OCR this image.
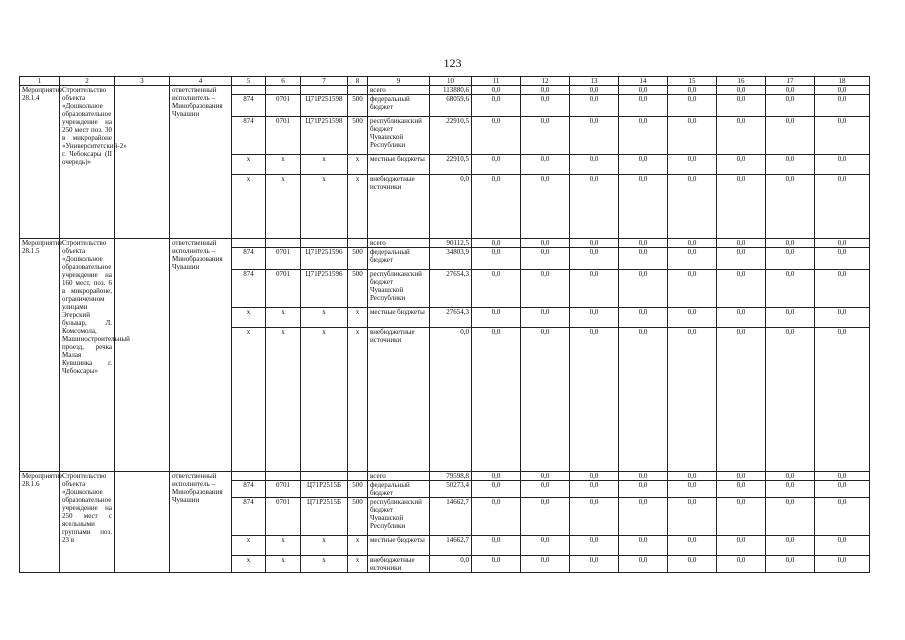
123
1	2	3	4	5	6	7	8	9	10	11	12	13	14	15	16	17	18
Мероприятие 28.1.4	Строительство объекта «Дошкольное образовательное учреждение на 250 мест поз. 30 в микрорайоне «Университетский-2» г. Чебоксары (II очередь)»		ответственный исполнитель – Минобразования Чувашии					всего	113880,6	0,0	0,0	0,0	0,0	0,0	0,0	0,0	0,0
				874	0701	Ц71Р251598	500	федеральный бюджет	68059,6	0,0	0,0	0,0	0,0	0,0	0,0	0,0	0,0
				874	0701	Ц71Р251598	500	республиканский бюджет Чувашской Республики	22910,5	0,0	0,0	0,0	0,0	0,0	0,0	0,0	0,0
				x	x	x	x	местные бюджеты	22910,5	0,0	0,0	0,0	0,0	0,0	0,0	0,0	0,0
				x	x	x	x	внебюджетные источники	0,0	0,0	0,0	0,0	0,0	0,0	0,0	0,0	0,0
Мероприятие 28.1.5	Строительство объекта «Дошкольное образовательное учреждение на 160 мест, поз. 6 в микрорайоне, ограниченном улицами Эгерский бульвар, Л. Комсомола, Машиностроительный проезд, речка Малая Кувшинка г. Чебоксары»		ответственный исполнитель – Минобразования Чувашии					всего	90112,5	0,0	0,0	0,0	0,0	0,0	0,0	0,0	0,0
				874	0701	Ц71Р251596	500	федеральный бюджет	34803,9	0,0	0,0	0,0	0,0	0,0	0,0	0,0	0,0
				874	0701	Ц71Р251596	500	республиканский бюджет Чувашской Республики	27654,3	0,0	0,0	0,0	0,0	0,0	0,0	0,0	0,0
				x	x	x	x	местные бюджеты	27654,3	0,0	0,0	0,0	0,0	0,0	0,0	0,0	0,0
				x	x	x	x	внебюджетные источники	0,0	0,0	0,0	0,0	0,0	0,0	0,0	0,0	0,0
Мероприятие 28.1.6	Строительство объекта «Дошкольное образовательное учреждение на 250 мест с ясельными группами поз. 23 в		ответственный исполнитель – Минобразования Чувашии					всего	79598,8	0,0	0,0	0,0	0,0	0,0	0,0	0,0	0,0
				874	0701	Ц71Р2515Б	500	федеральный бюджет	50273,4	0,0	0,0	0,0	0,0	0,0	0,0	0,0	0,0
				874	0701	Ц71Р2515Б	500	республиканский бюджет Чувашской Республики	14662,7	0,0	0,0	0,0	0,0	0,0	0,0	0,0	0,0
				x	x	x	x	местные бюджеты	14662,7	0,0	0,0	0,0	0,0	0,0	0,0	0,0	0,0
				x	x	x	x	внебюджетные источники	0,0	0,0	0,0	0,0	0,0	0,0	0,0	0,0	0,0
